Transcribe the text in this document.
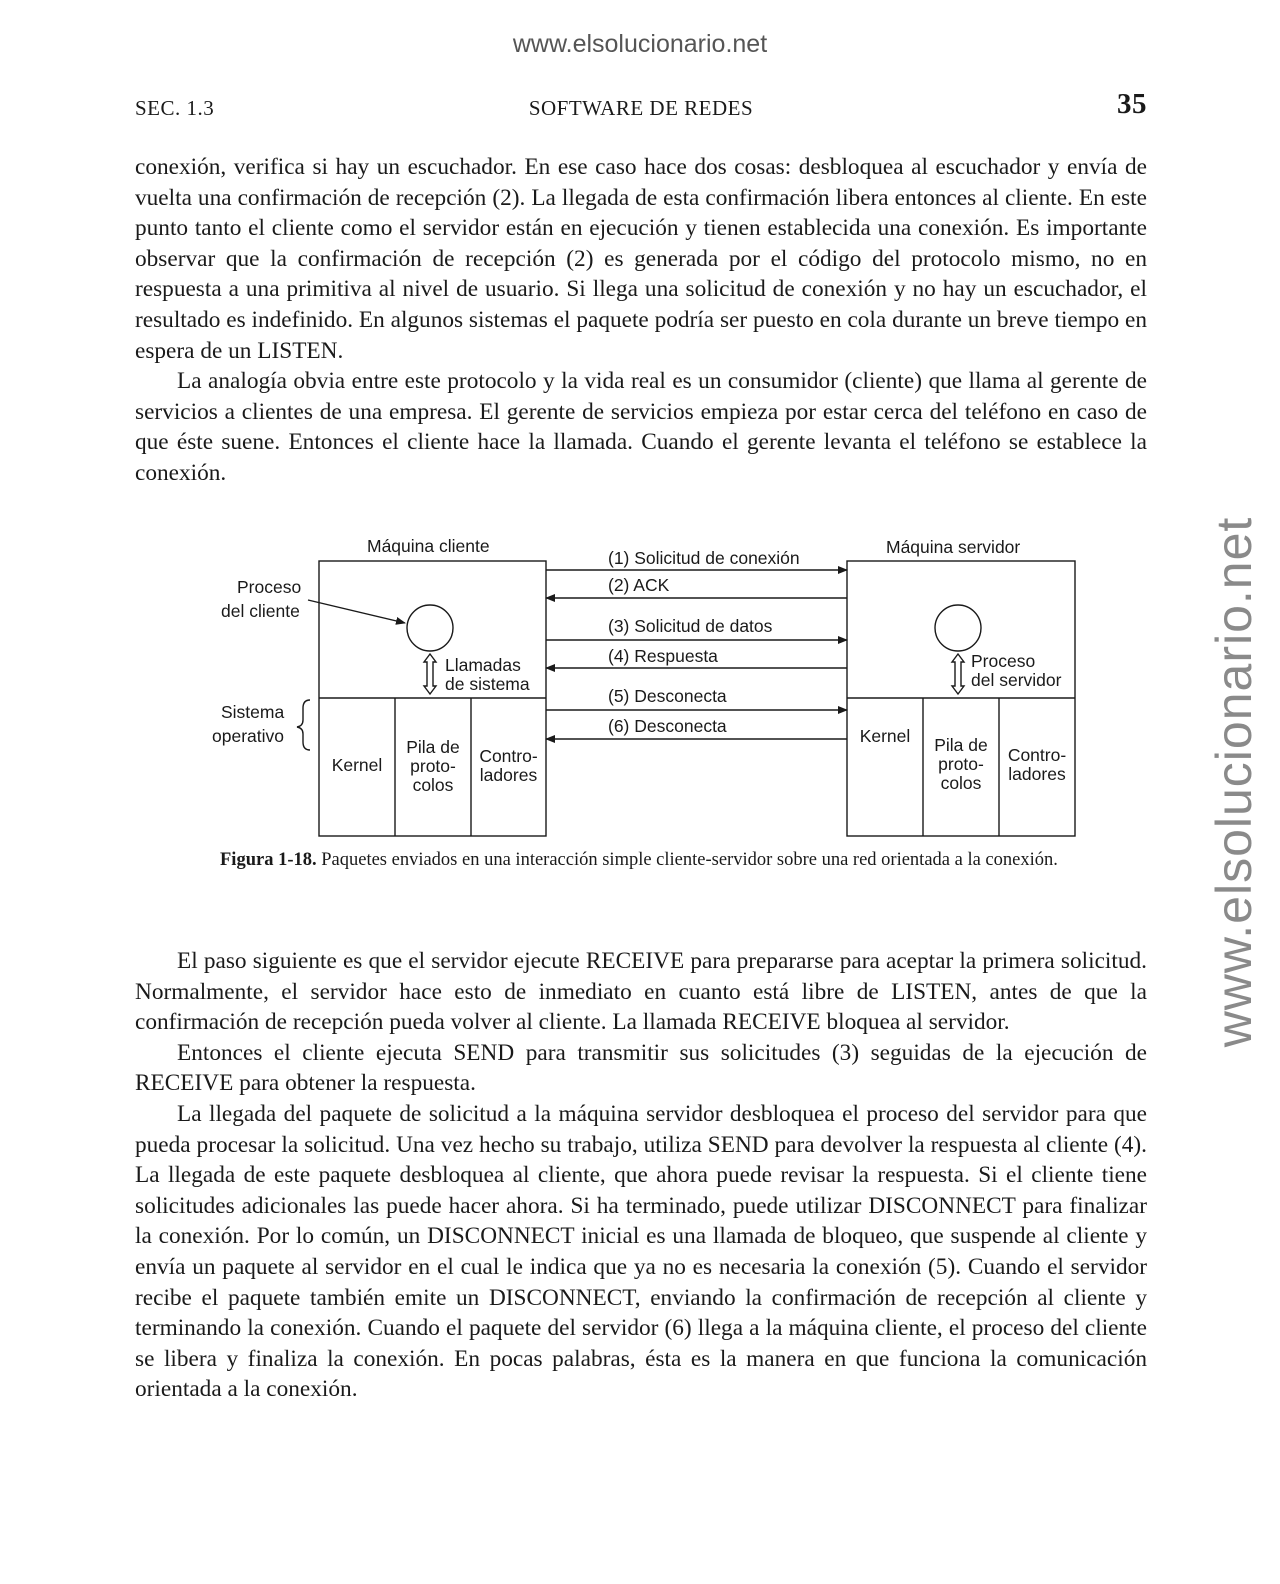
www.elsolucionario.net
www.elsolucionario.net
SEC. 1.3	SOFTWARE DE REDES	35

conexión, verifica si hay un escuchador. En ese caso hace dos cosas: desbloquea al escuchador y envía de vuelta una confirmación de recepción (2). La llegada de esta confirmación libera entonces al cliente. En este punto tanto el cliente como el servidor están en ejecución y tienen establecida una conexión. Es importante observar que la confirmación de recepción (2) es generada por el código del protocolo mismo, no en respuesta a una primitiva al nivel de usuario. Si llega una solicitud de conexión y no hay un escuchador, el resultado es indefinido. En algunos sistemas el paquete podría ser puesto en cola durante un breve tiempo en espera de un LISTEN.

La analogía obvia entre este protocolo y la vida real es un consumidor (cliente) que llama al gerente de servicios a clientes de una empresa. El gerente de servicios empieza por estar cerca del teléfono en caso de que éste suene. Entonces el cliente hace la llamada. Cuando el gerente levanta el teléfono se establece la conexión.

Máquina cliente	Máquina servidor
Proceso
del cliente
Llamadas
de sistema
Sistema
operativo
Proceso
del servidor
Kernel
Pila de
proto-
colos
Contro-
ladores
Kernel	Pila de
proto-
colos
Contro-
ladores
(1) Solicitud de conexión
(2) ACK
(3) Solicitud de datos
(4) Respuesta
(5) Desconecta
(6) Desconecta
Figura 1-18. Paquetes enviados en una interacción simple cliente-servidor sobre una red orientada a la conexión.

El paso siguiente es que el servidor ejecute RECEIVE para prepararse para aceptar la primera solicitud. Normalmente, el servidor hace esto de inmediato en cuanto está libre de LISTEN, antes de que la confirmación de recepción pueda volver al cliente. La llamada RECEIVE bloquea al servidor.

Entonces el cliente ejecuta SEND para transmitir sus solicitudes (3) seguidas de la ejecución de RECEIVE para obtener la respuesta.

La llegada del paquete de solicitud a la máquina servidor desbloquea el proceso del servidor para que pueda procesar la solicitud. Una vez hecho su trabajo, utiliza SEND para devolver la respuesta al cliente (4). La llegada de este paquete desbloquea al cliente, que ahora puede revisar la respuesta. Si el cliente tiene solicitudes adicionales las puede hacer ahora. Si ha terminado, puede utilizar DISCONNECT para finalizar la conexión. Por lo común, un DISCONNECT inicial es una llamada de bloqueo, que suspende al cliente y envía un paquete al servidor en el cual le indica que ya no es necesaria la conexión (5). Cuando el servidor recibe el paquete también emite un DISCONNECT, enviando la confirmación de recepción al cliente y terminando la conexión. Cuando el paquete del servidor (6) llega a la máquina cliente, el proceso del cliente se libera y finaliza la conexión. En pocas palabras, ésta es la manera en que funciona la comunicación orientada a la conexión.
